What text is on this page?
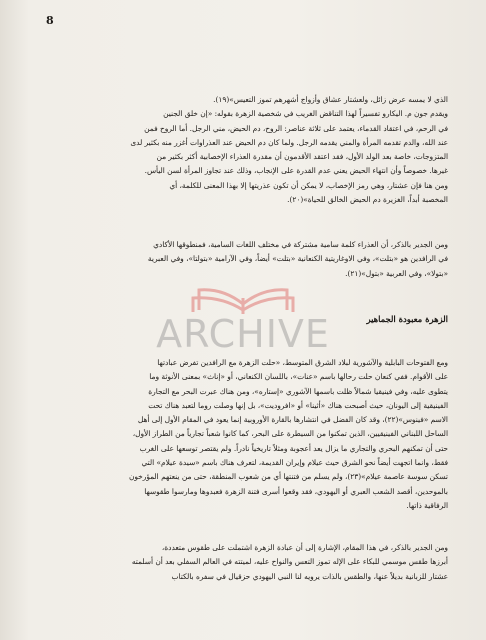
8
الذي لا يمسه عرض زائل، ولعشتار عشاق وأزواج أشهرهم تموز التعيس»(١٩).
ويقدم جون م. اليكارو تفسيراً لهذا التناقض الغريب في شخصية الزهرة بقوله: «إن خلق الجنين
في الرحم، في اعتقاد القدماء، يعتمد على ثلاثة عناصر: الروح، دم الحيض، مني الرجل. أما الروح فمن
عند الله، والدم تقدمه المرأة والمني يقدمه الرجل. ولما كان دم الحيض عند العذراوات أغزر منه بكثير لدى
المتزوجات، خاصة بعد الولد الأول، فقد اعتقد الأقدمون أن مقدرة العذراء الإخصابية أكثر بكثير من
غيرها. خصوصاً وأن انتهاء الحيض يعني عدم القدرة على الإنجاب، وذلك عند تجاوز المرأة لسن اليأس.
ومن هنا فإن عشتار، وهي رمز الإخصاب، لا يمكن أن تكون عذريتها إلا بهذا المعنى للكلمة، أي
المخصبة أبداً، الغزيرة دم الحيض الخالق للحياة»(٢٠).
ومن الجدير بالذكر، أن العذراء كلمة سامية مشتركة في مختلف اللغات السامية، فمنطوقها الأكادي
في الرافدين هو «بتلت»، وفي الاوغاريتية الكنعانية «بتلت» أيضاً، وفي الآرامية «بتولتا»، وفي العبرية
«بتولا»، وفي العربية «بتول»(٢١).
ARCHIVE	الزهرة معبودة الجماهير
ومع الفتوحات البابلية والآشورية لبلاد الشرق المتوسط، «حلت الزهرة مع الرافدين تفرض عبادتها
على الأقوام. ففي كنعان حلت رحالها باسم «عنات»، باللسان الكنعاني، أو «إناث» بمعنى الأنوثة وما
يتطوى عليه، وفي فينيقيا شمالاً ظلت باسمها الآشوري «إستاره»، ومن هناك عبرت البحر مع التجارة
الفينيقية إلى اليونان، حيث أصبحت هناك «أثينا» أو «افروديت»، بل إنها وصلت روما لتعبد هناك تحت
الاسم «فينوس»(٢٢)، وقد كان الفضل في انتشارها بالقارة الأوروبية إنما يعود في المقام الأول إلى أهل
الساحل اللبناني الفينيقيين، الذين تمكنوا من السيطرة على البحر، كما كانوا شعباً تجارياً من الطراز الأول،
حتى أن تمكنهم البحري والتجاري ما يزال يعد أعجوبة ومثلاً تاريخياً نادراً. ولم يقتصر توسعها على الغرب
فقط، وانما اتجهت أيضاً نحو الشرق حيث عيلام وإيران القديمة، لتعرف هناك باسم «سيدة عيلام» التي
تسكن سوسة عاصمة عيلام»(٢٣)، ولم يسلم من فتنتها أي من شعوب المنطقة، حتى من ينعتهم المؤرخون
بالموحدين، أقصد الشعب العبري أو اليهودي، فقد وقعوا أسرى فتنة الزهرة فعبدوها ومارسوا طقوسها
الرفاقية ذاتها.
ومن الجدير بالذكر، في هذا المقام، الإشارة إلى أن عبادة الزهرة اشتملت على طقوس متعددة،
أبرزها طقس موسمي للبكاء على الإله تموز التعس والنواح عليه، لميتته في العالم السفلي بعد أن أسلمته
عشتار للزبانية بديلاً عنها، والطقس بالذات يرويه لنا النبي اليهودي حزقيال في سفره بالكتاب
